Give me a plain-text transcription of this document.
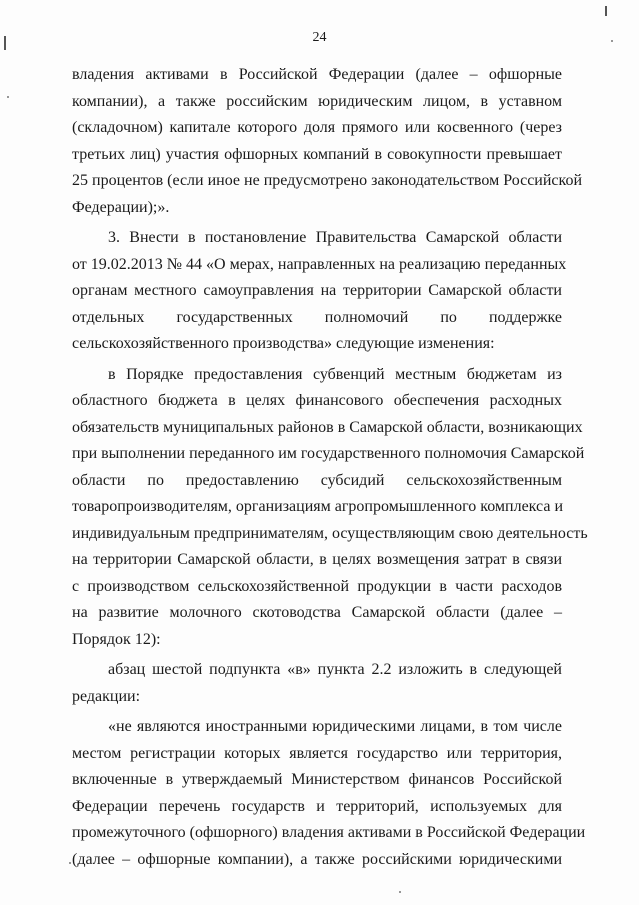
24
владения активами в Российской Федерации (далее – офшорные
компании), а также российским юридическим лицом, в уставном
(складочном) капитале которого доля прямого или косвенного (через
третьих лиц) участия офшорных компаний в совокупности превышает
25 процентов (если иное не предусмотрено законодательством Российской
Федерации);».
3. Внести в постановление Правительства Самарской области
от 19.02.2013 № 44 «О мерах, направленных на реализацию переданных
органам местного самоуправления на территории Самарской области
отдельных государственных полномочий по поддержке
сельскохозяйственного производства» следующие изменения:
в Порядке предоставления субвенций местным бюджетам из
областного бюджета в целях финансового обеспечения расходных
обязательств муниципальных районов в Самарской области, возникающих
при выполнении переданного им государственного полномочия Самарской
области по предоставлению субсидий сельскохозяйственным
товаропроизводителям, организациям агропромышленного комплекса и
индивидуальным предпринимателям, осуществляющим свою деятельность
на территории Самарской области, в целях возмещения затрат в связи
с производством сельскохозяйственной продукции в части расходов
на развитие молочного скотоводства Самарской области (далее –
Порядок 12):
абзац шестой подпункта «в» пункта 2.2 изложить в следующей
редакции:
«не являются иностранными юридическими лицами, в том числе
местом регистрации которых является государство или территория,
включенные в утверждаемый Министерством финансов Российской
Федерации перечень государств и территорий, используемых для
промежуточного (офшорного) владения активами в Российской Федерации
(далее – офшорные компании), а также российскими юридическими
